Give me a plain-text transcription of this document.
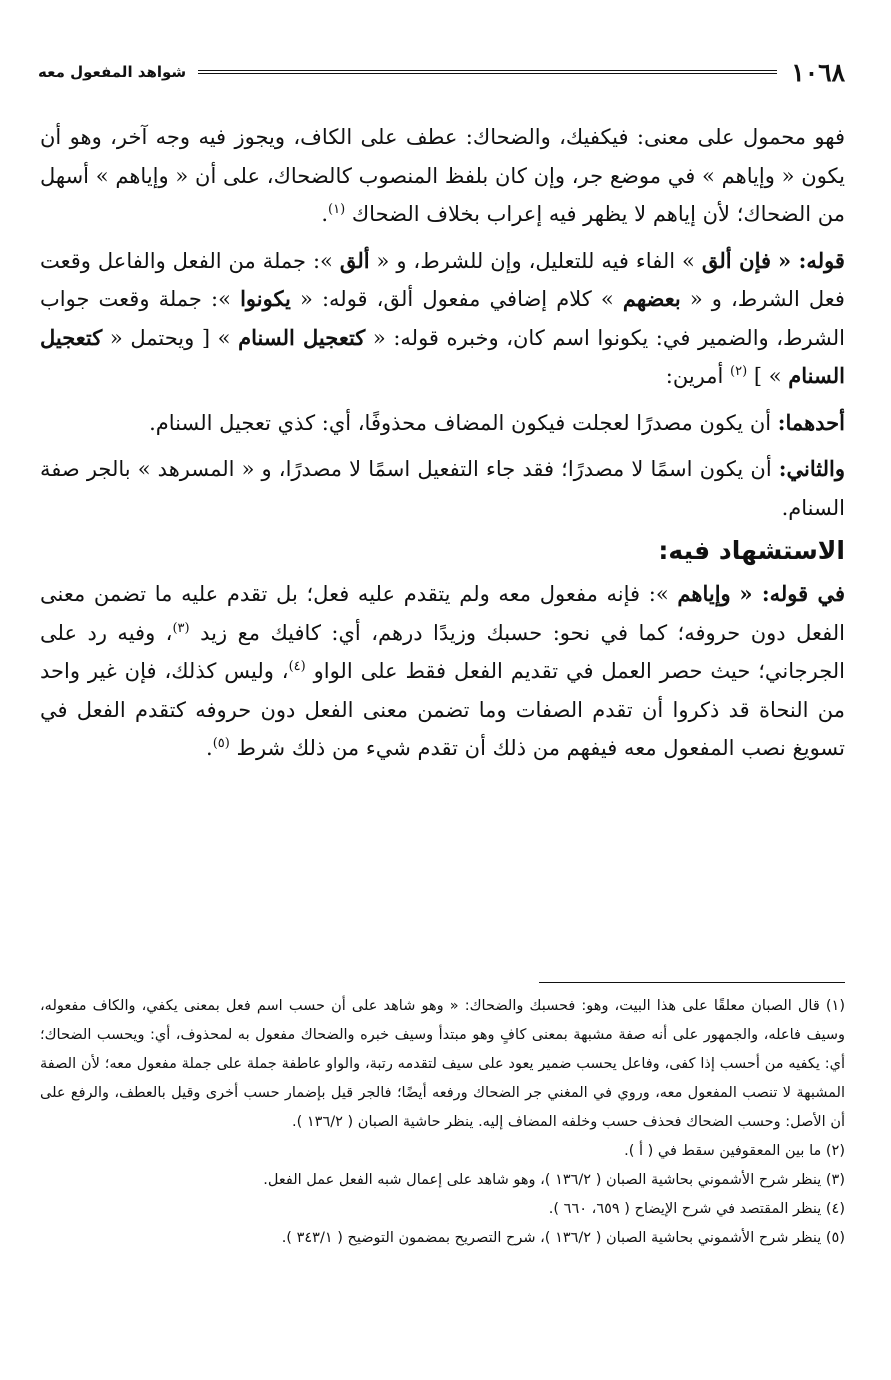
١٠٦٨
شواهد المفعول معه

فهو محمول على معنى: فيكفيك، والضحاك: عطف على الكاف، ويجوز فيه وجه آخر، وهو أن يكون « وإياهم » في موضع جر، وإن كان بلفظ المنصوب كالضحاك، على أن « وإياهم » أسهل من الضحاك؛ لأن إياهم لا يظهر فيه إعراب بخلاف الضحاك $^{(١)}$.

قوله: « فإن ألق » الفاء فيه للتعليل، وإن للشرط، و « ألق »: جملة من الفعل والفاعل وقعت فعل الشرط، و « بعضهم » كلام إضافي مفعول ألق، قوله: « يكونوا »: جملة وقعت جواب الشرط، والضمير في: يكونوا اسم كان، وخبره قوله: « كتعجيل السنام » [ ويحتمل « كتعجيل السنام » ] $^{(٢)}$ أمرين:

أحدهما: أن يكون مصدرًا لعجلت فيكون المضاف محذوفًا، أي: كذي تعجيل السنام.

والثاني: أن يكون اسمًا لا مصدرًا؛ فقد جاء التفعيل اسمًا لا مصدرًا، و « المسرهد » بالجر صفة السنام.

الاستشهاد فيه:

في قوله: « وإياهم »: فإنه مفعول معه ولم يتقدم عليه فعل؛ بل تقدم عليه ما تضمن معنى الفعل دون حروفه؛ كما في نحو: حسبك وزيدًا درهم، أي: كافيك مع زيد $^{(٣)}$، وفيه رد على الجرجاني؛ حيث حصر العمل في تقديم الفعل فقط على الواو $^{(٤)}$، وليس كذلك، فإن غير واحد من النحاة قد ذكروا أن تقدم الصفات وما تضمن معنى الفعل دون حروفه كتقدم الفعل في تسويغ نصب المفعول معه فيفهم من ذلك أن تقدم شيء من ذلك شرط $^{(٥)}$.

(١) قال الصبان معلقًا على هذا البيت، وهو: فحسبك والضحاك: « وهو شاهد على أن حسب اسم فعل بمعنى يكفي، والكاف مفعوله، وسيف فاعله، والجمهور على أنه صفة مشبهة بمعنى كافٍ وهو مبتدأ وسيف خبره والضحاك مفعول به لمحذوف، أي: ويحسب الضحاك؛ أي: يكفيه من أحسب إذا كفى، وفاعل يحسب ضمير يعود على سيف لتقدمه رتبة، والواو عاطفة جملة على جملة مفعول معه؛ لأن الصفة المشبهة لا تنصب المفعول معه، وروي في المغني جر الضحاك ورفعه أيضًا؛ فالجر قيل بإضمار حسب أخرى وقيل بالعطف، والرفع على أن الأصل: وحسب الضحاك فحذف حسب وخلفه المضاف إليه. ينظر حاشية الصبان ( ١٣٦/٢ ).

(٢) ما بين المعقوفين سقط في ( أ ).

(٣) ينظر شرح الأشموني بحاشية الصبان ( ١٣٦/٢ )، وهو شاهد على إعمال شبه الفعل عمل الفعل.

(٤) ينظر المقتصد في شرح الإيضاح ( ٦٥٩، ٦٦٠ ).

(٥) ينظر شرح الأشموني بحاشية الصبان ( ١٣٦/٢ )، شرح التصريح بمضمون التوضيح ( ٣٤٣/١ ).
